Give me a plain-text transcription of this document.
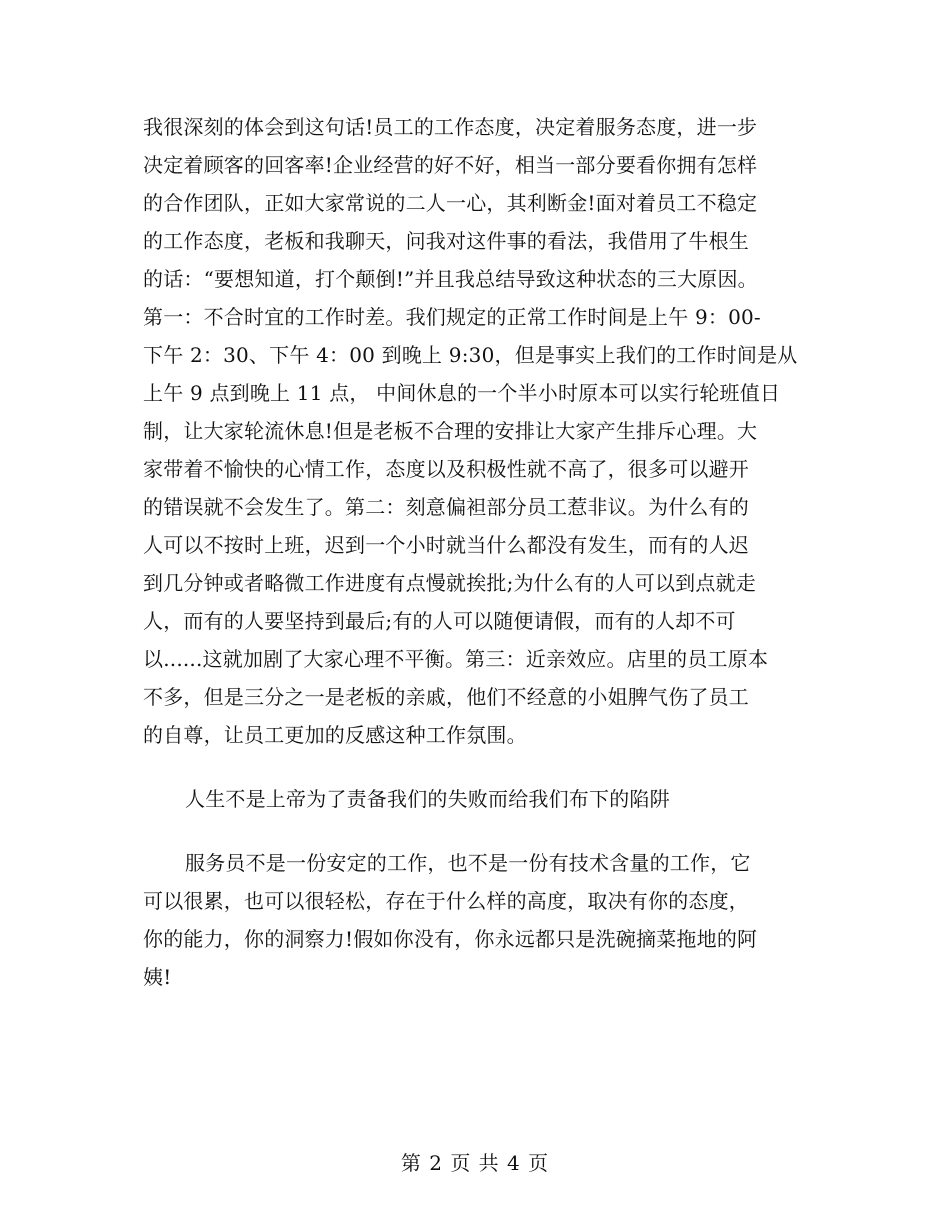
我很深刻的体会到这句话!员工的工作态度，决定着服务态度，进一步
决定着顾客的回客率!企业经营的好不好，相当一部分要看你拥有怎样
的合作团队，正如大家常说的二人一心，其利断金!面对着员工不稳定
的工作态度，老板和我聊天，问我对这件事的看法，我借用了牛根生
的话：“要想知道，打个颠倒!”并且我总结导致这种状态的三大原因。
第一：不合时宜的工作时差。我们规定的正常工作时间是上午 9：00-
下午 2：30、下午 4：00 到晚上 9:30，但是事实上我们的工作时间是从
上午 9 点到晚上 11 点， 中间休息的一个半小时原本可以实行轮班值日
制，让大家轮流休息!但是老板不合理的安排让大家产生排斥心理。大
家带着不愉快的心情工作，态度以及积极性就不高了，很多可以避开
的错误就不会发生了。第二：刻意偏袒部分员工惹非议。为什么有的
人可以不按时上班，迟到一个小时就当什么都没有发生，而有的人迟
到几分钟或者略微工作进度有点慢就挨批;为什么有的人可以到点就走
人，而有的人要坚持到最后;有的人可以随便请假，而有的人却不可
以......这就加剧了大家心理不平衡。第三：近亲效应。店里的员工原本
不多，但是三分之一是老板的亲戚，他们不经意的小姐脾气伤了员工
的自尊，让员工更加的反感这种工作氛围。
人生不是上帝为了责备我们的失败而给我们布下的陷阱
服务员不是一份安定的工作，也不是一份有技术含量的工作，它
可以很累，也可以很轻松，存在于什么样的高度，取决有你的态度，
你的能力，你的洞察力!假如你没有，你永远都只是洗碗摘菜拖地的阿
姨!
第 2 页 共 4 页
